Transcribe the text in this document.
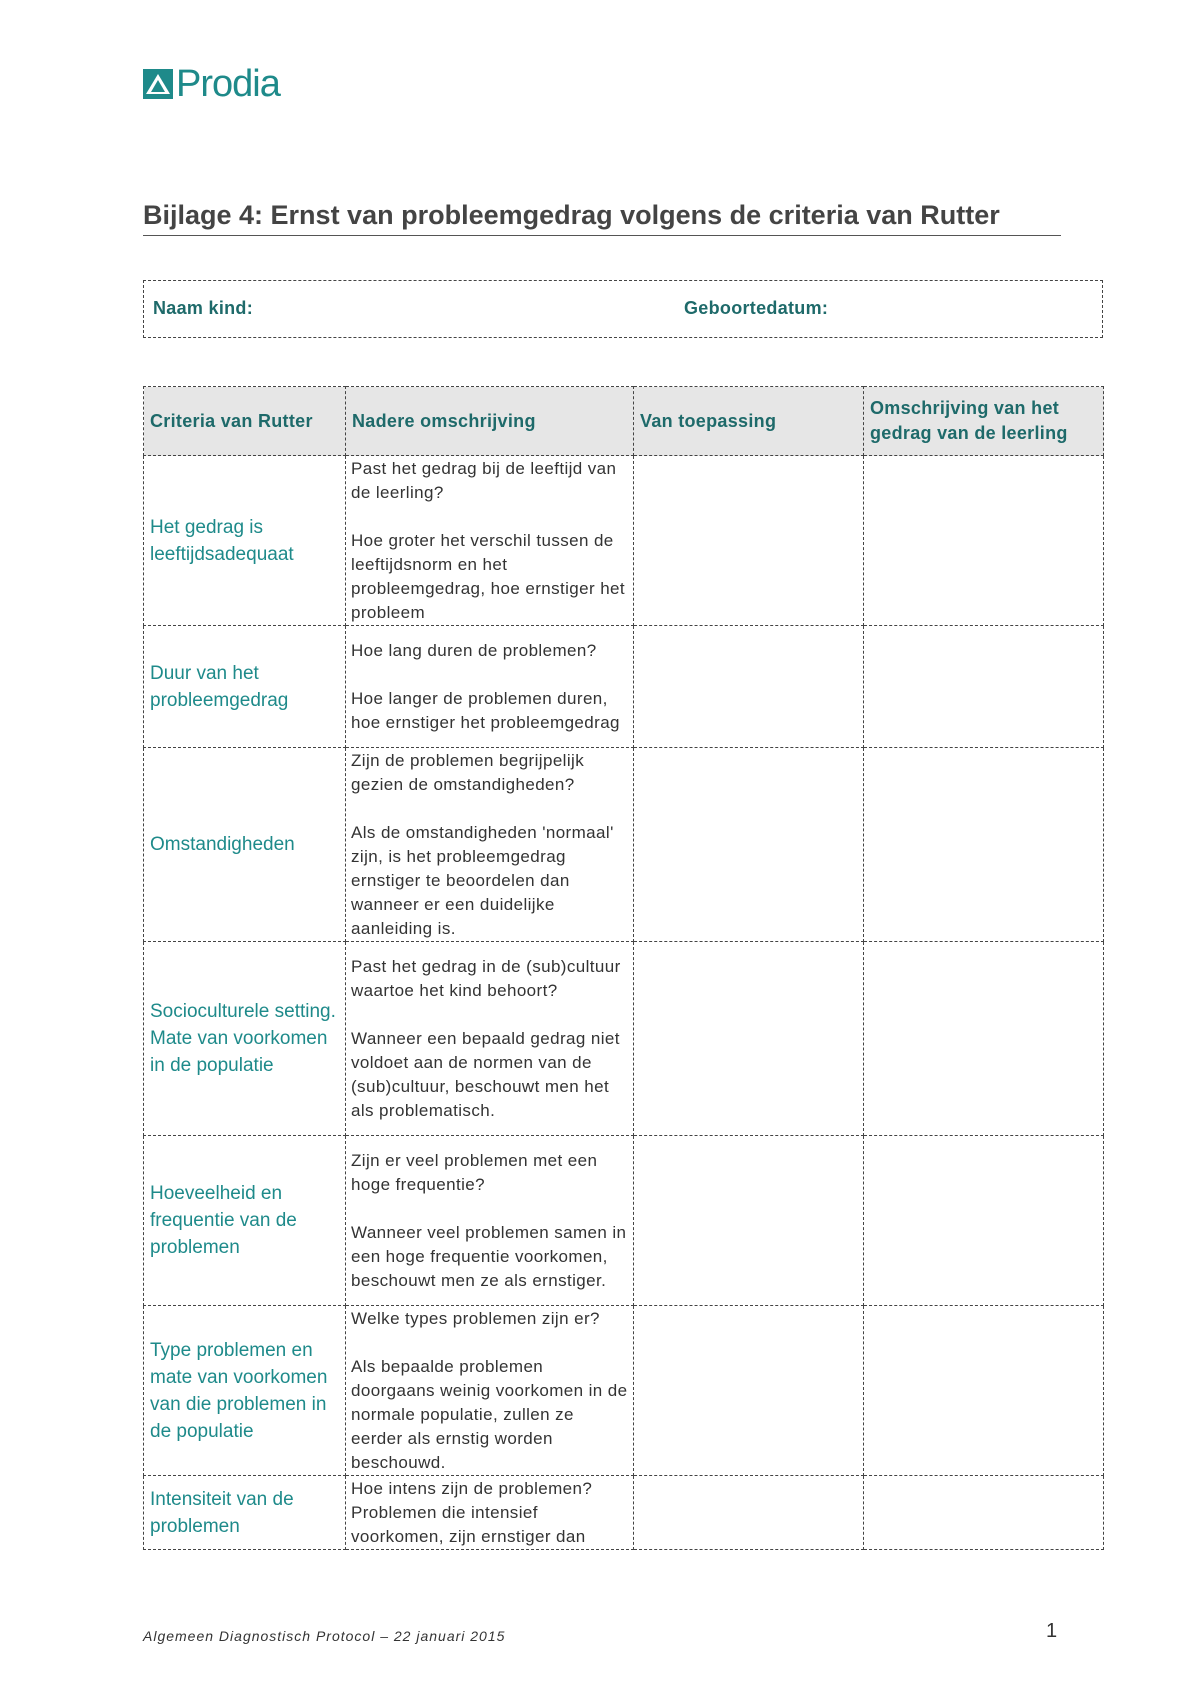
Prodia
Bijlage 4: Ernst van probleemgedrag volgens de criteria van Rutter
Naam kind:	Geboortedatum:
Criteria van Rutter	Nadere omschrijving	Van toepassing	Omschrijving van het gedrag van de leerling
Het gedrag is leeftijdsadequaat	Past het gedrag bij de leeftijd van de leerling?

Hoe groter het verschil tussen de leeftijdsnorm en het probleemgedrag, hoe ernstiger het probleem		

Duur van het probleemgedrag	Hoe lang duren de problemen?

Hoe langer de problemen duren, hoe ernstiger het probleemgedrag		

Omstandigheden	Zijn de problemen begrijpelijk gezien de omstandigheden?

Als de omstandigheden 'normaal' zijn, is het probleemgedrag ernstiger te beoordelen dan wanneer er een duidelijke aanleiding is.		

Socioculturele setting. Mate van voorkomen in de populatie	Past het gedrag in de (sub)cultuur waartoe het kind behoort?

Wanneer een bepaald gedrag niet voldoet aan de normen van de (sub)cultuur, beschouwt men het als problematisch.		

Hoeveelheid en frequentie van de problemen	Zijn er veel problemen met een hoge frequentie?

Wanneer veel problemen samen in een hoge frequentie voorkomen, beschouwt men ze als ernstiger.		

Type problemen en mate van voorkomen van die problemen in de populatie	Welke types problemen zijn er?

Als bepaalde problemen doorgaans weinig voorkomen in de normale populatie, zullen ze eerder als ernstig worden beschouwd.		

Intensiteit van de problemen	Hoe intens zijn de problemen?

Problemen die intensief voorkomen, zijn ernstiger dan		

Algemeen Diagnostisch Protocol – 22 januari 2015	1
